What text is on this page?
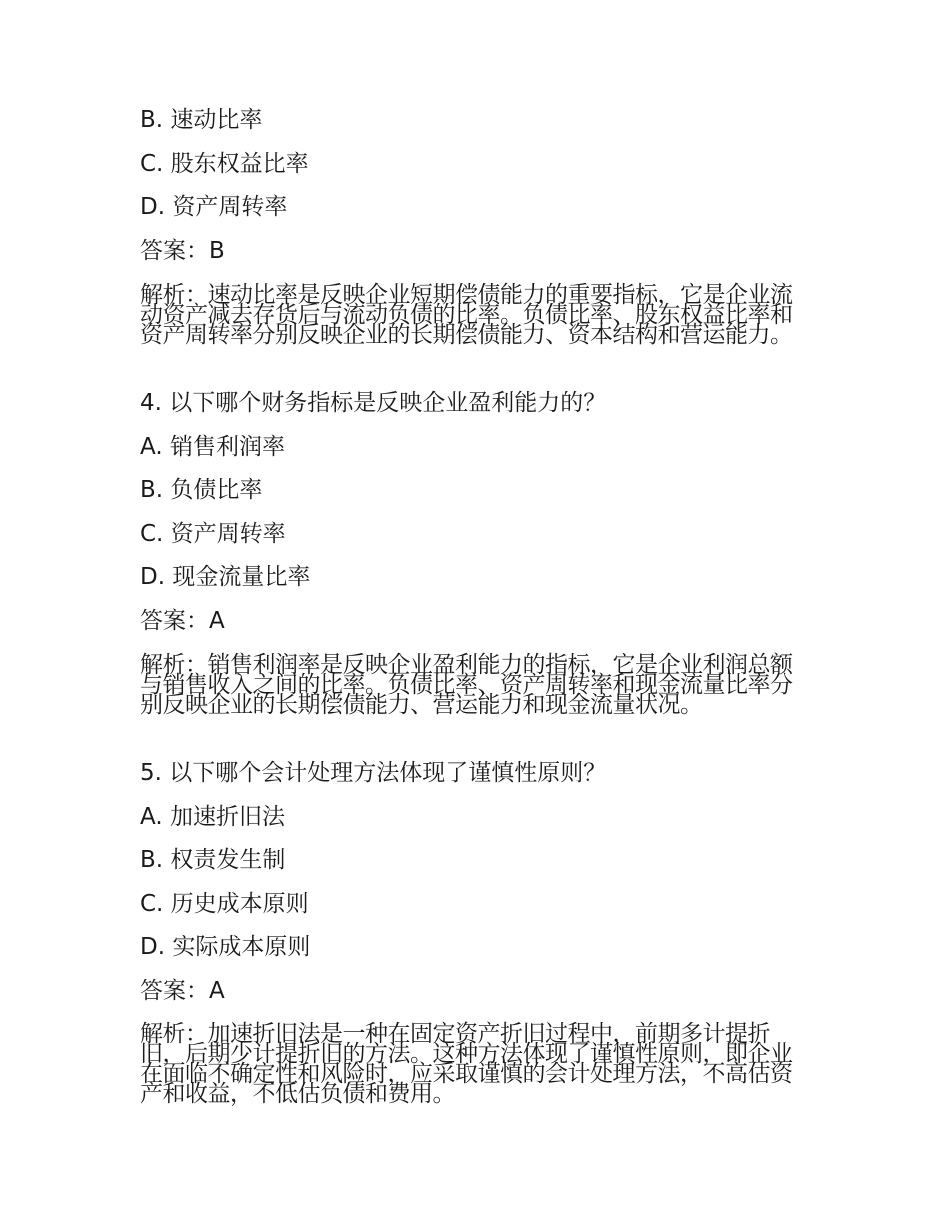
B. 速动比率
C. 股东权益比率
D. 资产周转率
答案：B
解析：速动比率是反映企业短期偿债能力的重要指标，它是企业流动资产减去存货后与流动负债的比率。负债比率、股东权益比率和资产周转率分别反映企业的长期偿债能力、资本结构和营运能力。
4. 以下哪个财务指标是反映企业盈利能力的？
A. 销售利润率
B. 负债比率
C. 资产周转率
D. 现金流量比率
答案：A
解析：销售利润率是反映企业盈利能力的指标，它是企业利润总额与销售收入之间的比率。负债比率、资产周转率和现金流量比率分别反映企业的长期偿债能力、营运能力和现金流量状况。
5. 以下哪个会计处理方法体现了谨慎性原则？
A. 加速折旧法
B. 权责发生制
C. 历史成本原则
D. 实际成本原则
答案：A
解析：加速折旧法是一种在固定资产折旧过程中，前期多计提折旧，后期少计提折旧的方法。这种方法体现了谨慎性原则，即企业在面临不确定性和风险时，应采取谨慎的会计处理方法，不高估资产和收益，不低估负债和费用。
